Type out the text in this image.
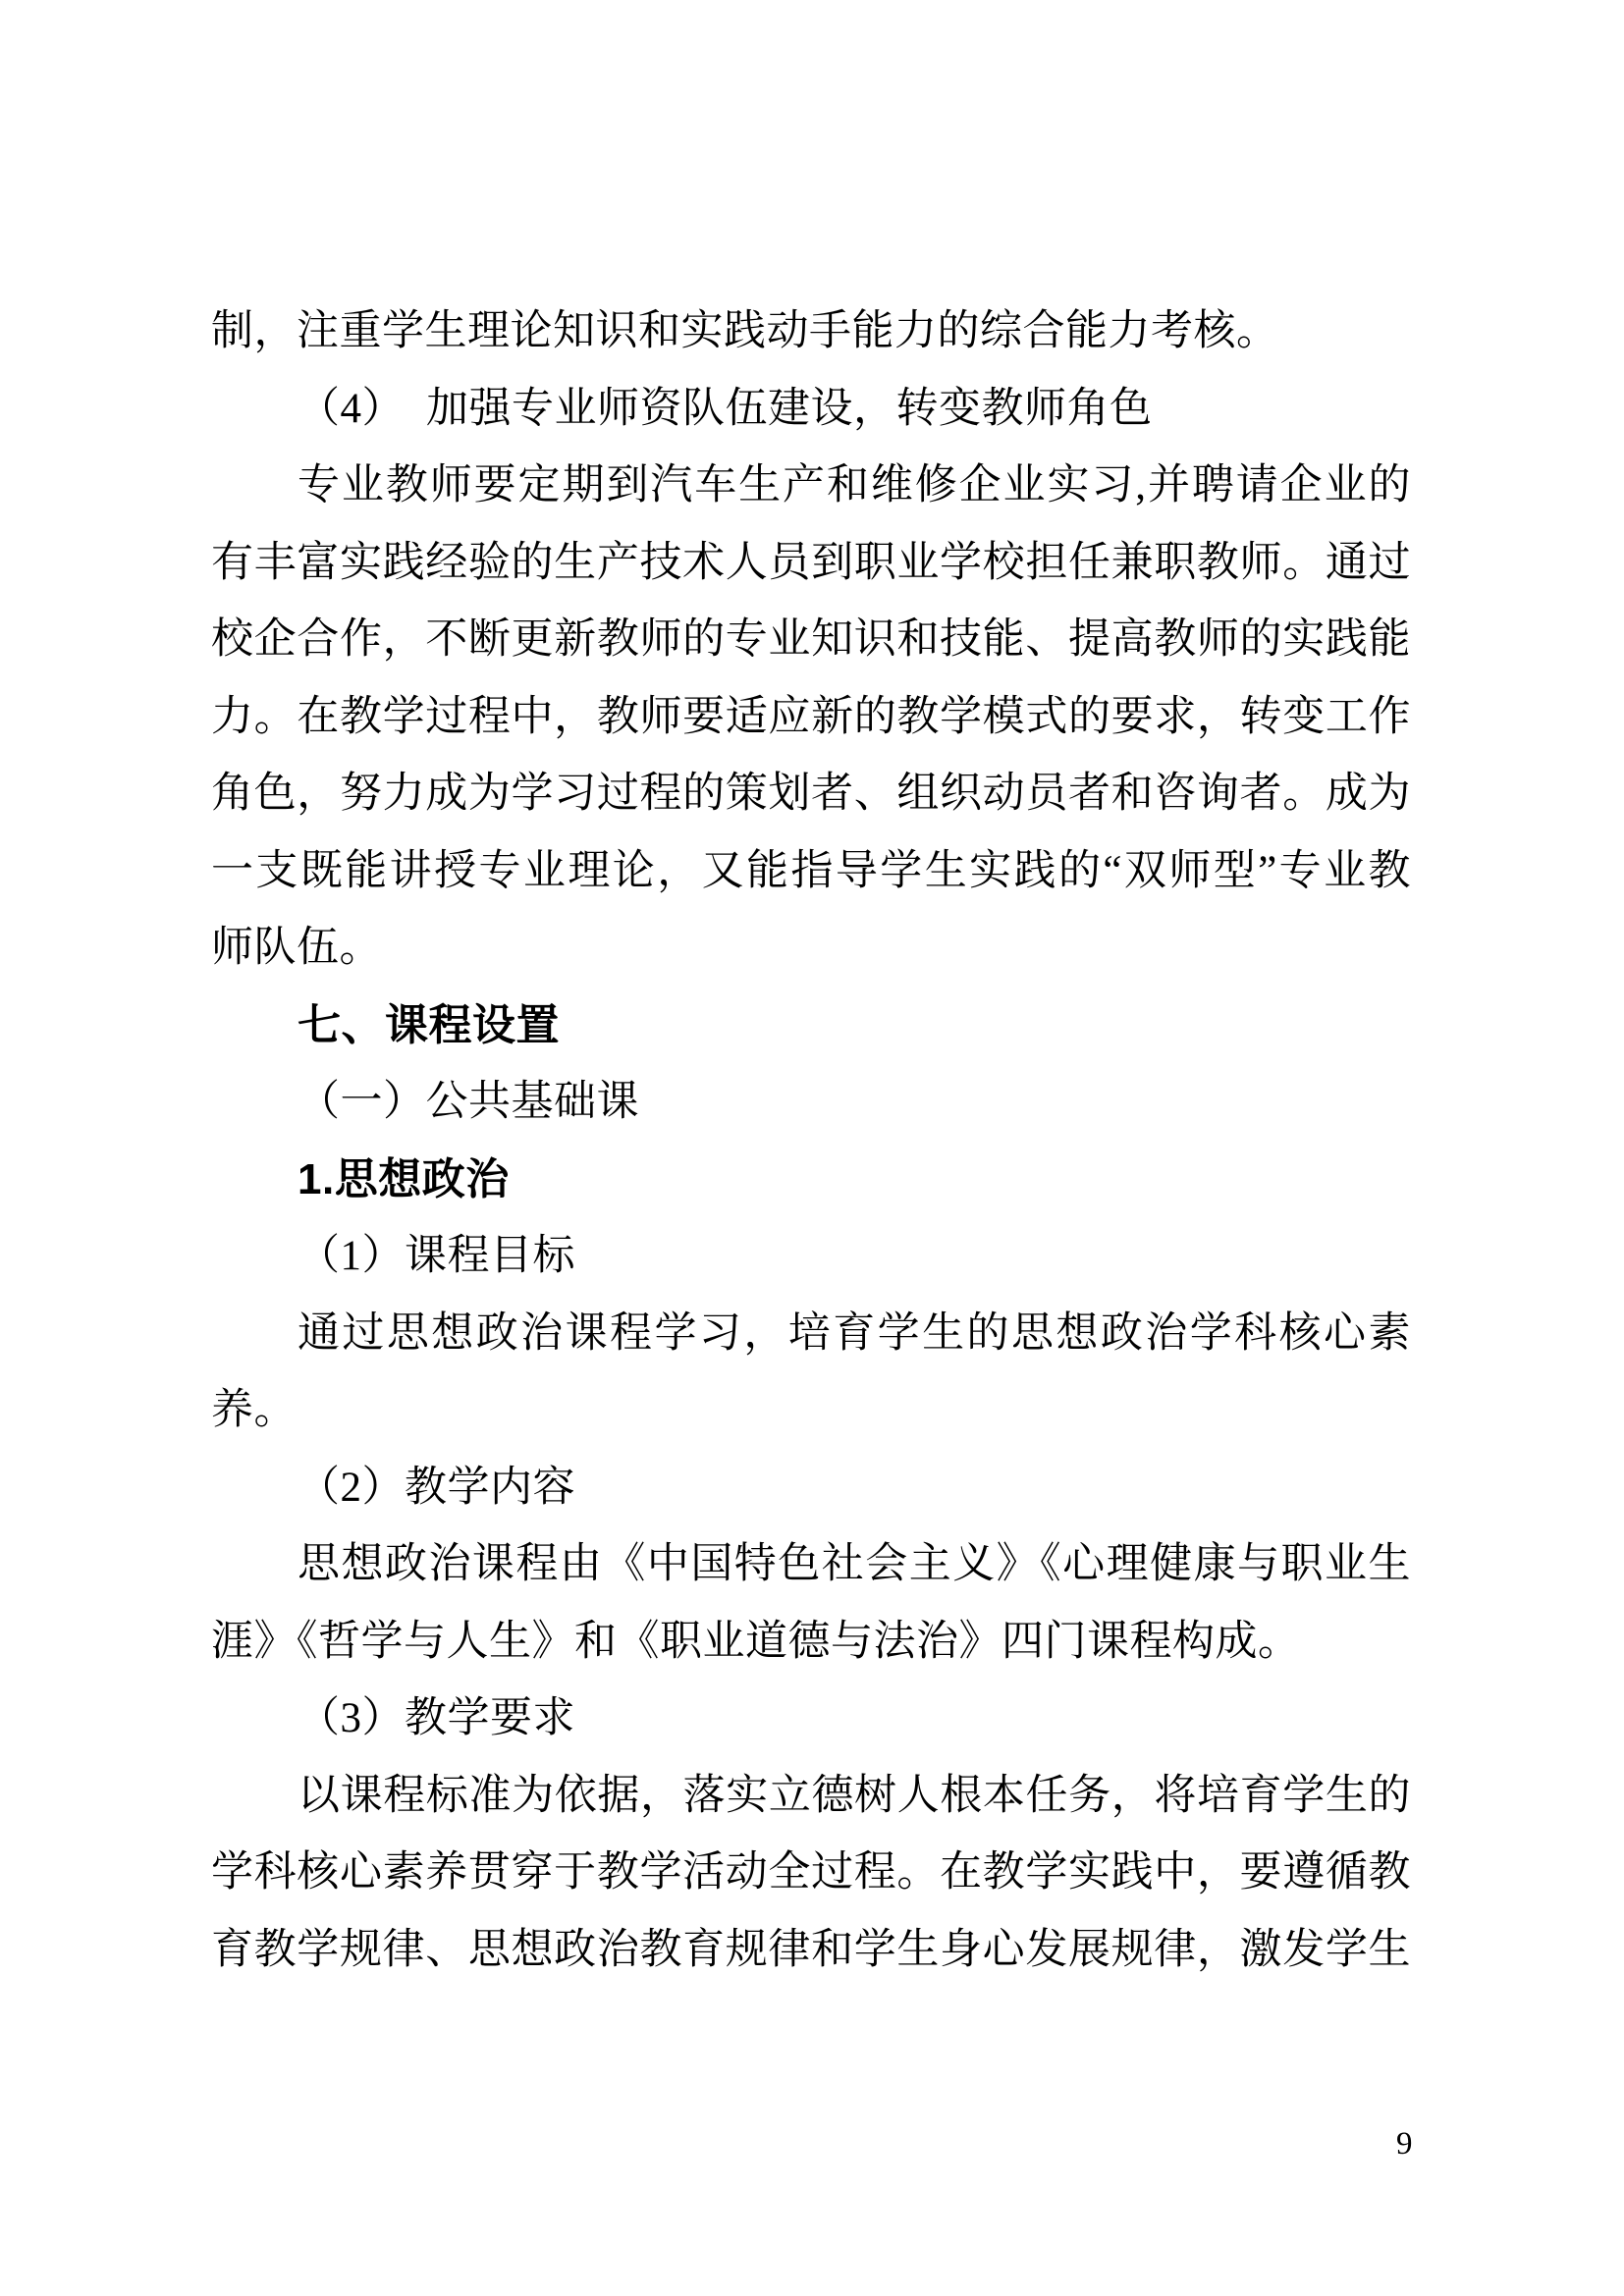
制，注重学生理论知识和实践动手能力的综合能力考核。
（4）　加强专业师资队伍建设，转变教师角色
专业教师要定期到汽车生产和维修企业实习,并聘请企业的
有丰富实践经验的生产技术人员到职业学校担任兼职教师。通过
校企合作，不断更新教师的专业知识和技能、提高教师的实践能
力。在教学过程中，教师要适应新的教学模式的要求，转变工作
角色，努力成为学习过程的策划者、组织动员者和咨询者。成为
一支既能讲授专业理论，又能指导学生实践的“双师型”专业教
师队伍。
七、课程设置
（一）公共基础课
1.思想政治
（1）课程目标
通过思想政治课程学习，培育学生的思想政治学科核心素
养。
（2）教学内容
思想政治课程由《中国特色社会主义》《心理健康与职业生
涯》《哲学与人生》和《职业道德与法治》四门课程构成。
（3）教学要求
以课程标准为依据，落实立德树人根本任务，将培育学生的
学科核心素养贯穿于教学活动全过程。在教学实践中，要遵循教
育教学规律、思想政治教育规律和学生身心发展规律，激发学生
9
